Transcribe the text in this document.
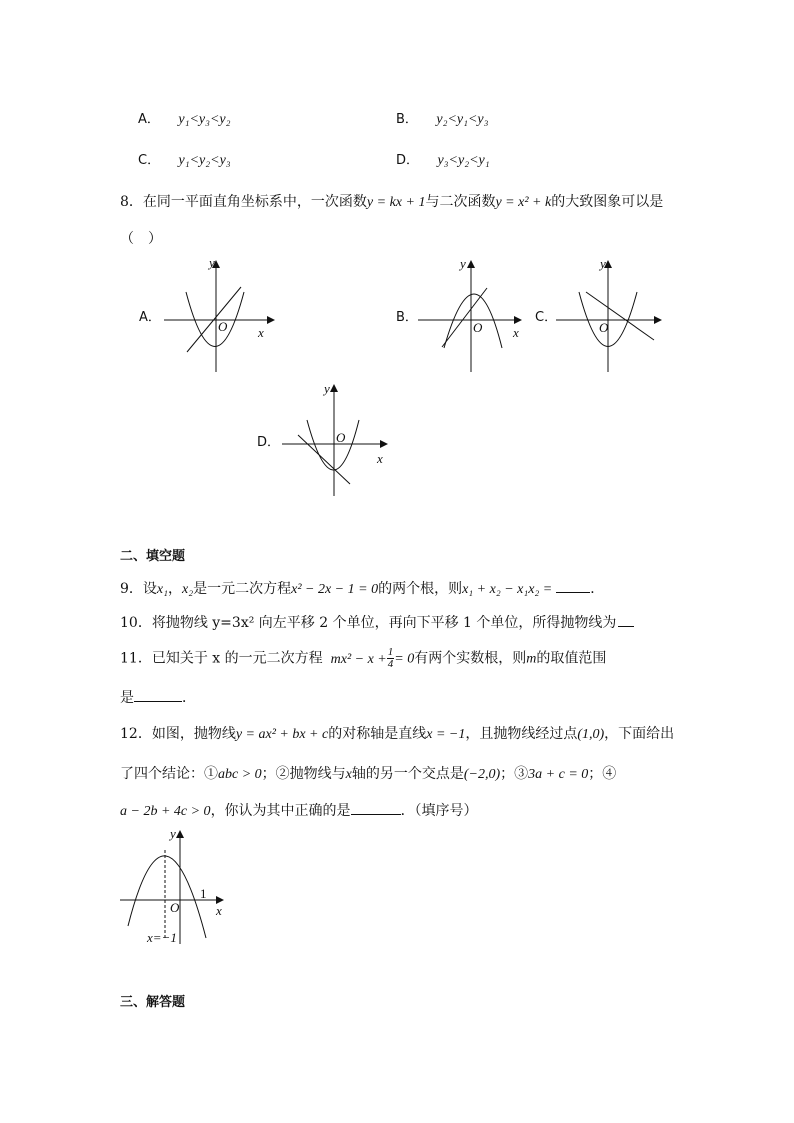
A． y₁<y₃<y₂	B． y₂<y₁<y₃
C． y₁<y₂<y₃	D． y₃<y₂<y₁
8．在同一平面直角坐标系中，一次函数y = kx + 1与二次函数y = x² + k的大致图象可以是
（　）
A．
y
O x
B．
y
O x
C．
y
O
D．
y
O
x
二、填空题
9．设x₁，x₂是一元二次方程x² − 2x − 1 = 0的两个根，则x₁ + x₂ − x₁x₂ =	．
10．将抛物线 y=3x² 向左平移 2 个单位，再向下平移 1 个单位，所得抛物线为
11．已知关于 x 的一元二次方程 $mx^2 - x + \frac{1}{4} = 0$有两个实数根，则m的取值范围
是	．
12．如图，抛物线y = ax² + bx + c的对称轴是直线x = −1，且抛物线经过点(1,0)，下面给出
了四个结论：①abc > 0；②抛物线与x轴的另一个交点是(−2,0)；③3a + c = 0；④
a − 2b + 4c > 0，你认为其中正确的是	．（填序号）
y
O
1
x
x=−1
三、解答题
